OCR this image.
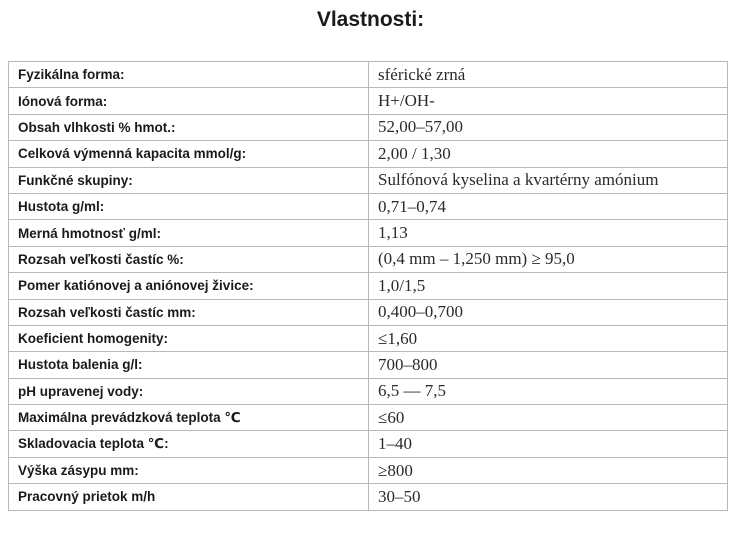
Vlastnosti:
Fyzikálna forma:	sférické zrná
Iónová forma:	H+/OH-
Obsah vlhkosti % hmot.:	52,00–57,00
Celková výmenná kapacita mmol/g:	2,00 / 1,30
Funkčné skupiny:	Sulfónová kyselina a kvartérny amónium
Hustota g/ml:	0,71–0,74
Merná hmotnosť g/ml:	1,13
Rozsah veľkosti častíc %:	(0,4 mm – 1,250 mm) ≥ 95,0
Pomer katiónovej a aniónovej živice:	1,0/1,5
Rozsah veľkosti častíc mm:	0,400–0,700
Koeficient homogenity:	≤1,60
Hustota balenia g/l:	700–800
pH upravenej vody:	6,5 — 7,5
Maximálna prevádzková teplota ℃	≤60
Skladovacia teplota ℃:	1–40
Výška zásypu mm:	≥800
Pracovný prietok m/h	30–50
